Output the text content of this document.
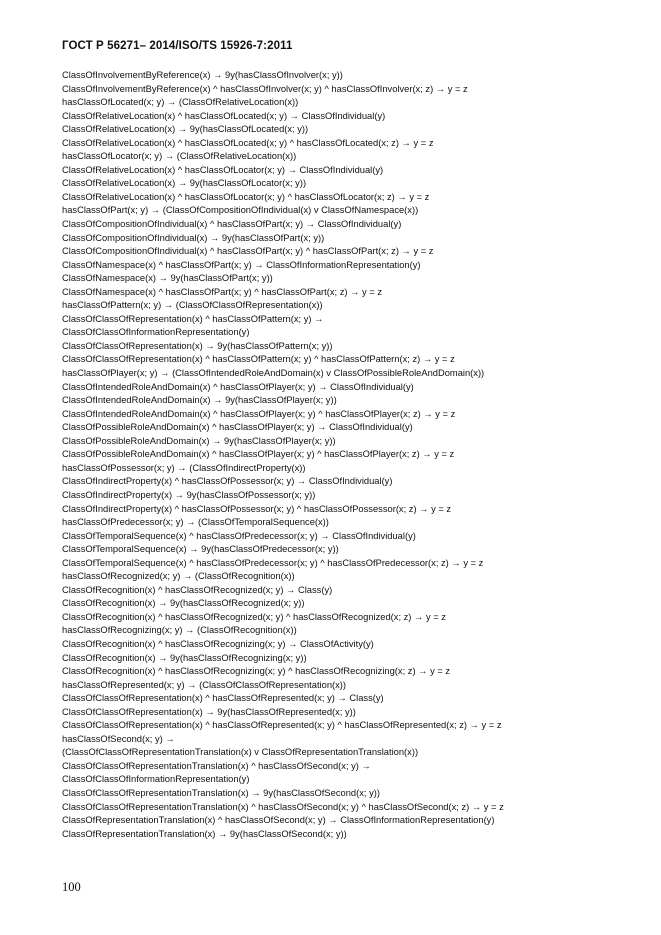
ГОСТ Р 56271– 2014/ISO/TS 15926-7:2011
ClassOfInvolvementByReference(x) → 9y(hasClassOfInvolver(x; y))
ClassOfInvolvementByReference(x) ^ hasClassOfInvolver(x; y) ^ hasClassOfInvolver(x; z) → y = z
hasClassOfLocated(x; y) → (ClassOfRelativeLocation(x))
ClassOfRelativeLocation(x) ^ hasClassOfLocated(x; y) → ClassOfIndividual(y)
ClassOfRelativeLocation(x) → 9y(hasClassOfLocated(x; y))
ClassOfRelativeLocation(x) ^ hasClassOfLocated(x; y) ^ hasClassOfLocated(x; z) → y = z
hasClassOfLocator(x; y) → (ClassOfRelativeLocation(x))
ClassOfRelativeLocation(x) ^ hasClassOfLocator(x; y) → ClassOfIndividual(y)
ClassOfRelativeLocation(x) → 9y(hasClassOfLocator(x; y))
ClassOfRelativeLocation(x) ^ hasClassOfLocator(x; y) ^ hasClassOfLocator(x; z) → y = z
hasClassOfPart(x; y) → (ClassOfCompositionOfIndividual(x) v ClassOfNamespace(x))
ClassOfCompositionOfIndividual(x) ^ hasClassOfPart(x; y) → ClassOfIndividual(y)
ClassOfCompositionOfIndividual(x) → 9y(hasClassOfPart(x; y))
ClassOfCompositionOfIndividual(x) ^ hasClassOfPart(x; y) ^ hasClassOfPart(x; z) → y = z
ClassOfNamespace(x) ^ hasClassOfPart(x; y) → ClassOfInformationRepresentation(y)
ClassOfNamespace(x) → 9y(hasClassOfPart(x; y))
ClassOfNamespace(x) ^ hasClassOfPart(x; y) ^ hasClassOfPart(x; z) → y = z
hasClassOfPattern(x; y) → (ClassOfClassOfRepresentation(x))
ClassOfClassOfRepresentation(x) ^ hasClassOfPattern(x; y) →
ClassOfClassOfInformationRepresentation(y)
ClassOfClassOfRepresentation(x) → 9y(hasClassOfPattern(x; y))
ClassOfClassOfRepresentation(x) ^ hasClassOfPattern(x; y) ^ hasClassOfPattern(x; z) → y = z
hasClassOfPlayer(x; y) → (ClassOfIntendedRoleAndDomain(x) v ClassOfPossibleRoleAndDomain(x))
ClassOfIntendedRoleAndDomain(x) ^ hasClassOfPlayer(x; y) → ClassOfIndividual(y)
ClassOfIntendedRoleAndDomain(x) → 9y(hasClassOfPlayer(x; y))
ClassOfIntendedRoleAndDomain(x) ^ hasClassOfPlayer(x; y) ^ hasClassOfPlayer(x; z) → y = z
ClassOfPossibleRoleAndDomain(x) ^ hasClassOfPlayer(x; y) → ClassOfIndividual(y)
ClassOfPossibleRoleAndDomain(x) → 9y(hasClassOfPlayer(x; y))
ClassOfPossibleRoleAndDomain(x) ^ hasClassOfPlayer(x; y) ^ hasClassOfPlayer(x; z) → y = z
hasClassOfPossessor(x; y) → (ClassOfIndirectProperty(x))
ClassOfIndirectProperty(x) ^ hasClassOfPossessor(x; y) → ClassOfIndividual(y)
ClassOfIndirectProperty(x) → 9y(hasClassOfPossessor(x; y))
ClassOfIndirectProperty(x) ^ hasClassOfPossessor(x; y) ^ hasClassOfPossessor(x; z) → y = z
hasClassOfPredecessor(x; y) → (ClassOfTemporalSequence(x))
ClassOfTemporalSequence(x) ^ hasClassOfPredecessor(x; y) → ClassOfIndividual(y)
ClassOfTemporalSequence(x) → 9y(hasClassOfPredecessor(x; y))
ClassOfTemporalSequence(x) ^ hasClassOfPredecessor(x; y) ^ hasClassOfPredecessor(x; z) → y = z
hasClassOfRecognized(x; y) → (ClassOfRecognition(x))
ClassOfRecognition(x) ^ hasClassOfRecognized(x; y) → Class(y)
ClassOfRecognition(x) → 9y(hasClassOfRecognized(x; y))
ClassOfRecognition(x) ^ hasClassOfRecognized(x; y) ^ hasClassOfRecognized(x; z) → y = z
hasClassOfRecognizing(x; y) → (ClassOfRecognition(x))
ClassOfRecognition(x) ^ hasClassOfRecognizing(x; y) → ClassOfActivity(y)
ClassOfRecognition(x) → 9y(hasClassOfRecognizing(x; y))
ClassOfRecognition(x) ^ hasClassOfRecognizing(x; y) ^ hasClassOfRecognizing(x; z) → y = z
hasClassOfRepresented(x; y) → (ClassOfClassOfRepresentation(x))
ClassOfClassOfRepresentation(x) ^ hasClassOfRepresented(x; y) → Class(y)
ClassOfClassOfRepresentation(x) → 9y(hasClassOfRepresented(x; y))
ClassOfClassOfRepresentation(x) ^ hasClassOfRepresented(x; y) ^ hasClassOfRepresented(x; z) → y = z
hasClassOfSecond(x; y) →
(ClassOfClassOfRepresentationTranslation(x) v ClassOfRepresentationTranslation(x))
ClassOfClassOfRepresentationTranslation(x) ^ hasClassOfSecond(x; y) →
ClassOfClassOfInformationRepresentation(y)
ClassOfClassOfRepresentationTranslation(x) → 9y(hasClassOfSecond(x; y))
ClassOfClassOfRepresentationTranslation(x) ^ hasClassOfSecond(x; y) ^ hasClassOfSecond(x; z) → y = z
ClassOfRepresentationTranslation(x) ^ hasClassOfSecond(x; y) → ClassOfInformationRepresentation(y)
ClassOfRepresentationTranslation(x) → 9y(hasClassOfSecond(x; y))
100
